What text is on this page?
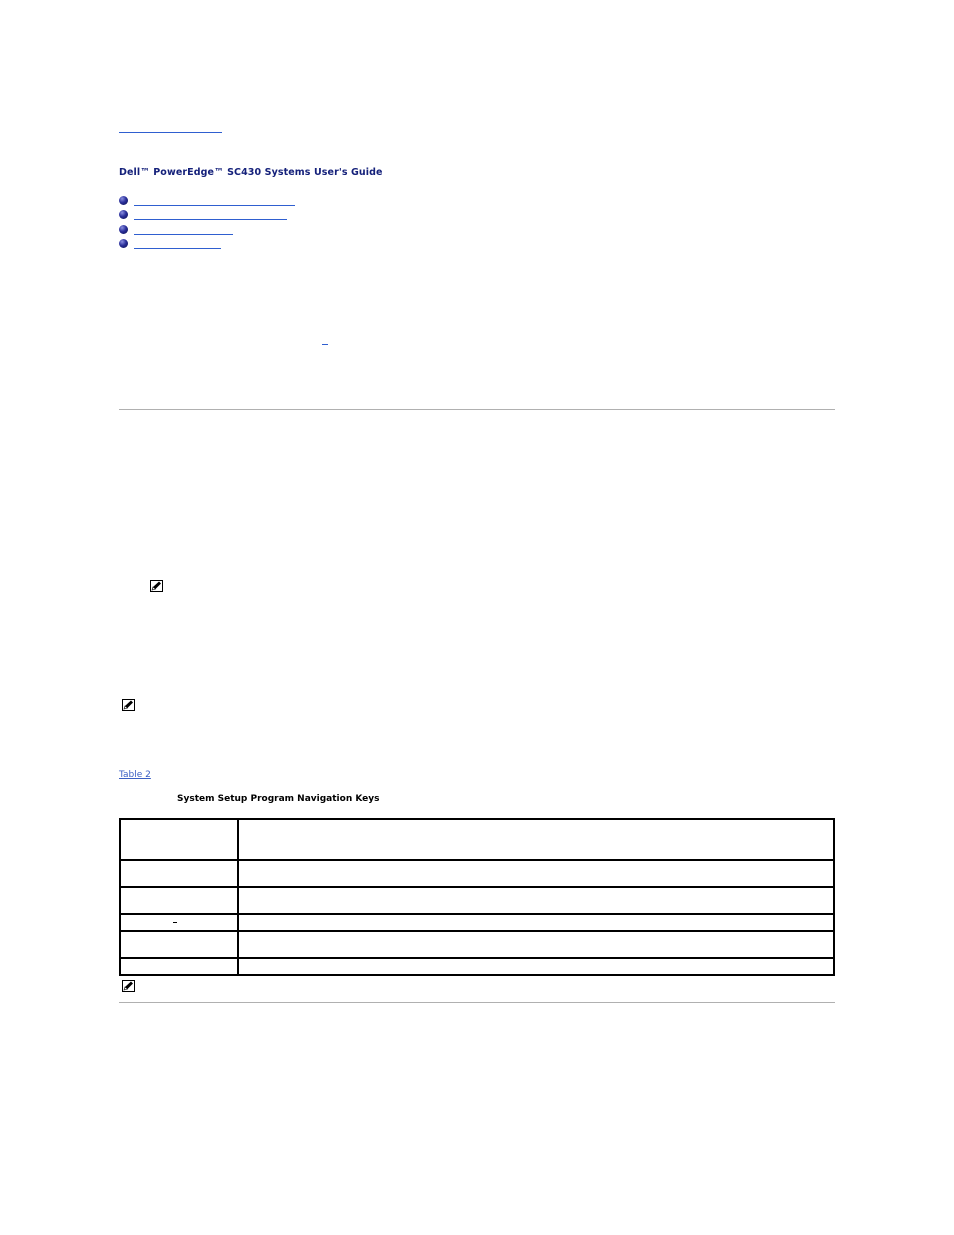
Dell™ PowerEdge™ SC430 Systems User's Guide
Table 2
System Setup Program Navigation Keys
